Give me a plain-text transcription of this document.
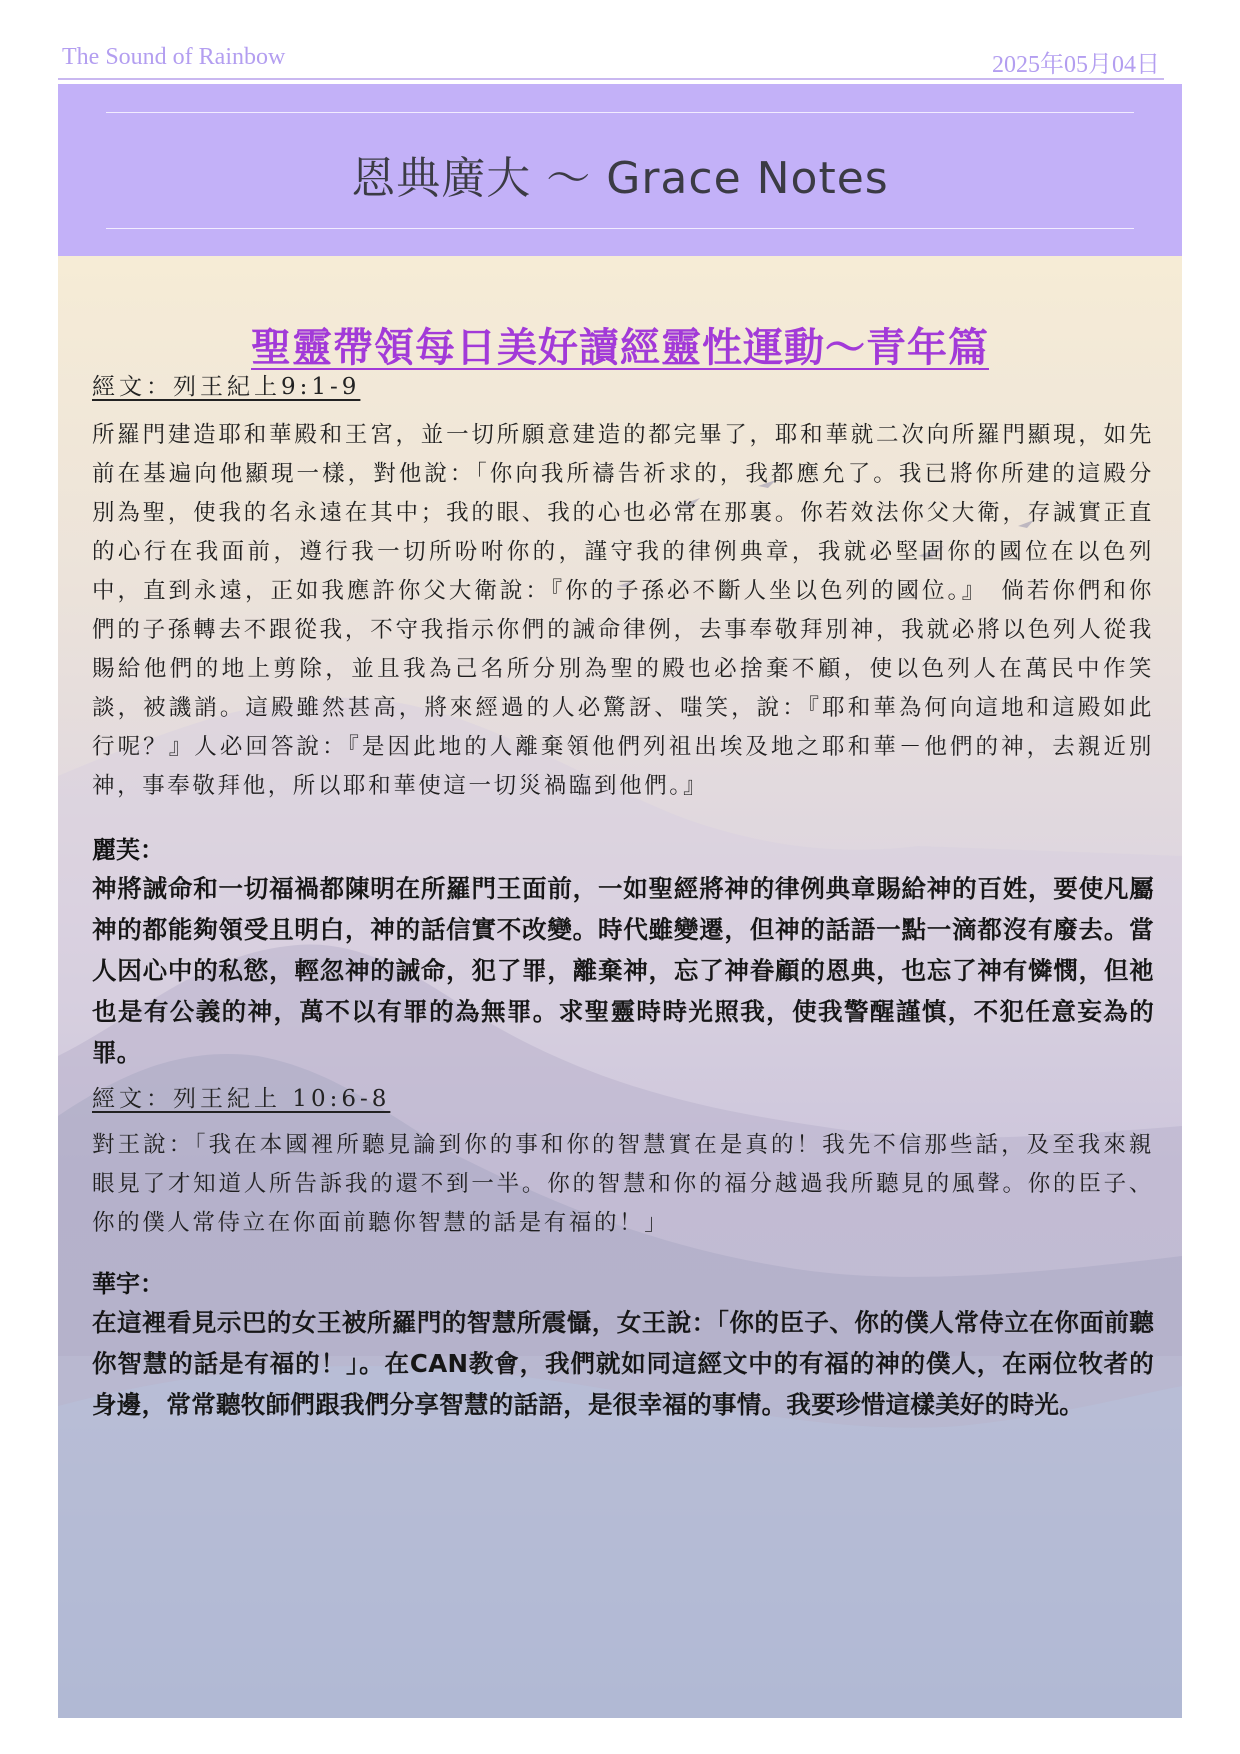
The Sound of Rainbow	2025年05月04日
恩典廣大 ～ Grace Notes
聖靈帶領每日美好讀經靈性運動～青年篇
經文：列王紀上9:1-9

所羅門建造耶和華殿和王宮，並一切所願意建造的都完畢了，耶和華就二次向所羅門顯現，如先前在基遍向他顯現一樣，對他說：「你向我所禱告祈求的，我都應允了。我已將你所建的這殿分別為聖，使我的名永遠在其中；我的眼、我的心也必常在那裏。你若效法你父大衛，存誠實正直的心行在我面前，遵行我一切所吩咐你的，謹守我的律例典章，我就必堅固你的國位在以色列中，直到永遠，正如我應許你父大衛說：『你的子孫必不斷人坐以色列的國位。』　倘若你們和你們的子孫轉去不跟從我，不守我指示你們的誡命律例，去事奉敬拜別神，我就必將以色列人從我賜給他們的地上剪除，並且我為己名所分別為聖的殿也必捨棄不顧，使以色列人在萬民中作笑談，被譏誚。這殿雖然甚高，將來經過的人必驚訝、嗤笑，說：『耶和華為何向這地和這殿如此行呢？』人必回答說：『是因此地的人離棄領他們列祖出埃及地之耶和華－他們的神，去親近別神，事奉敬拜他，所以耶和華使這一切災禍臨到他們。』

麗芙：

神將誡命和一切福禍都陳明在所羅門王面前，一如聖經將神的律例典章賜給神的百姓，要使凡屬神的都能夠領受且明白，神的話信實不改變。時代雖變遷，但神的話語一點一滴都沒有廢去。當人因心中的私慾，輕忽神的誡命，犯了罪，離棄神，忘了神眷顧的恩典，也忘了神有憐憫，但祂也是有公義的神，萬不以有罪的為無罪。求聖靈時時光照我，使我警醒謹慎，不犯任意妄為的罪。

經文：列王紀上 10:6-8

對王說：「我在本國裡所聽見論到你的事和你的智慧實在是真的！我先不信那些話，及至我來親眼見了才知道人所告訴我的還不到一半。你的智慧和你的福分越過我所聽見的風聲。你的臣子、你的僕人常侍立在你面前聽你智慧的話是有福的！」

華宇：

在這裡看見示巴的女王被所羅門的智慧所震懾，女王說：「你的臣子、你的僕人常侍立在你面前聽你智慧的話是有福的！」。在CAN教會，我們就如同這經文中的有福的神的僕人，在兩位牧者的身邊，常常聽牧師們跟我們分享智慧的話語，是很幸福的事情。我要珍惜這樣美好的時光。
